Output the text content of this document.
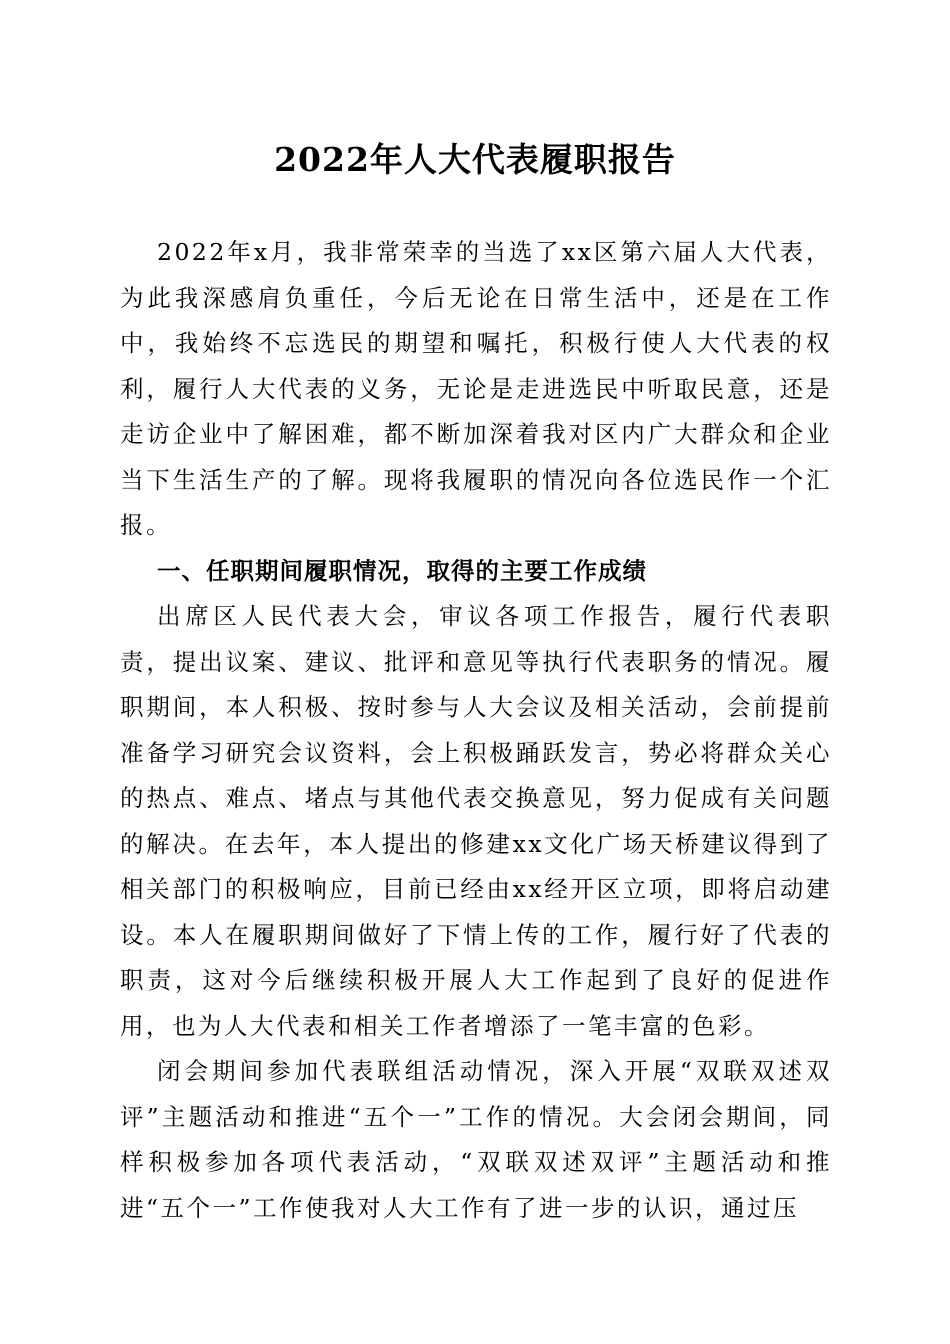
2022年人大代表履职报告

2022年x月，我非常荣幸的当选了xx区第六届人大代表，为此我深感肩负重任，今后无论在日常生活中，还是在工作中，我始终不忘选民的期望和嘱托，积极行使人大代表的权利，履行人大代表的义务，无论是走进选民中听取民意，还是走访企业中了解困难，都不断加深着我对区内广大群众和企业当下生活生产的了解。现将我履职的情况向各位选民作一个汇报。

一、任职期间履职情况，取得的主要工作成绩

出席区人民代表大会，审议各项工作报告，履行代表职责，提出议案、建议、批评和意见等执行代表职务的情况。履职期间，本人积极、按时参与人大会议及相关活动，会前提前准备学习研究会议资料，会上积极踊跃发言，势必将群众关心的热点、难点、堵点与其他代表交换意见，努力促成有关问题的解决。在去年，本人提出的修建xx文化广场天桥建议得到了相关部门的积极响应，目前已经由xx经开区立项，即将启动建设。本人在履职期间做好了下情上传的工作，履行好了代表的职责，这对今后继续积极开展人大工作起到了良好的促进作用，也为人大代表和相关工作者增添了一笔丰富的色彩。

闭会期间参加代表联组活动情况，深入开展“双联双述双评”主题活动和推进“五个一”工作的情况。大会闭会期间，同样积极参加各项代表活动，“双联双述双评”主题活动和推进“五个一”工作使我对人大工作有了进一步的认识，通过压
